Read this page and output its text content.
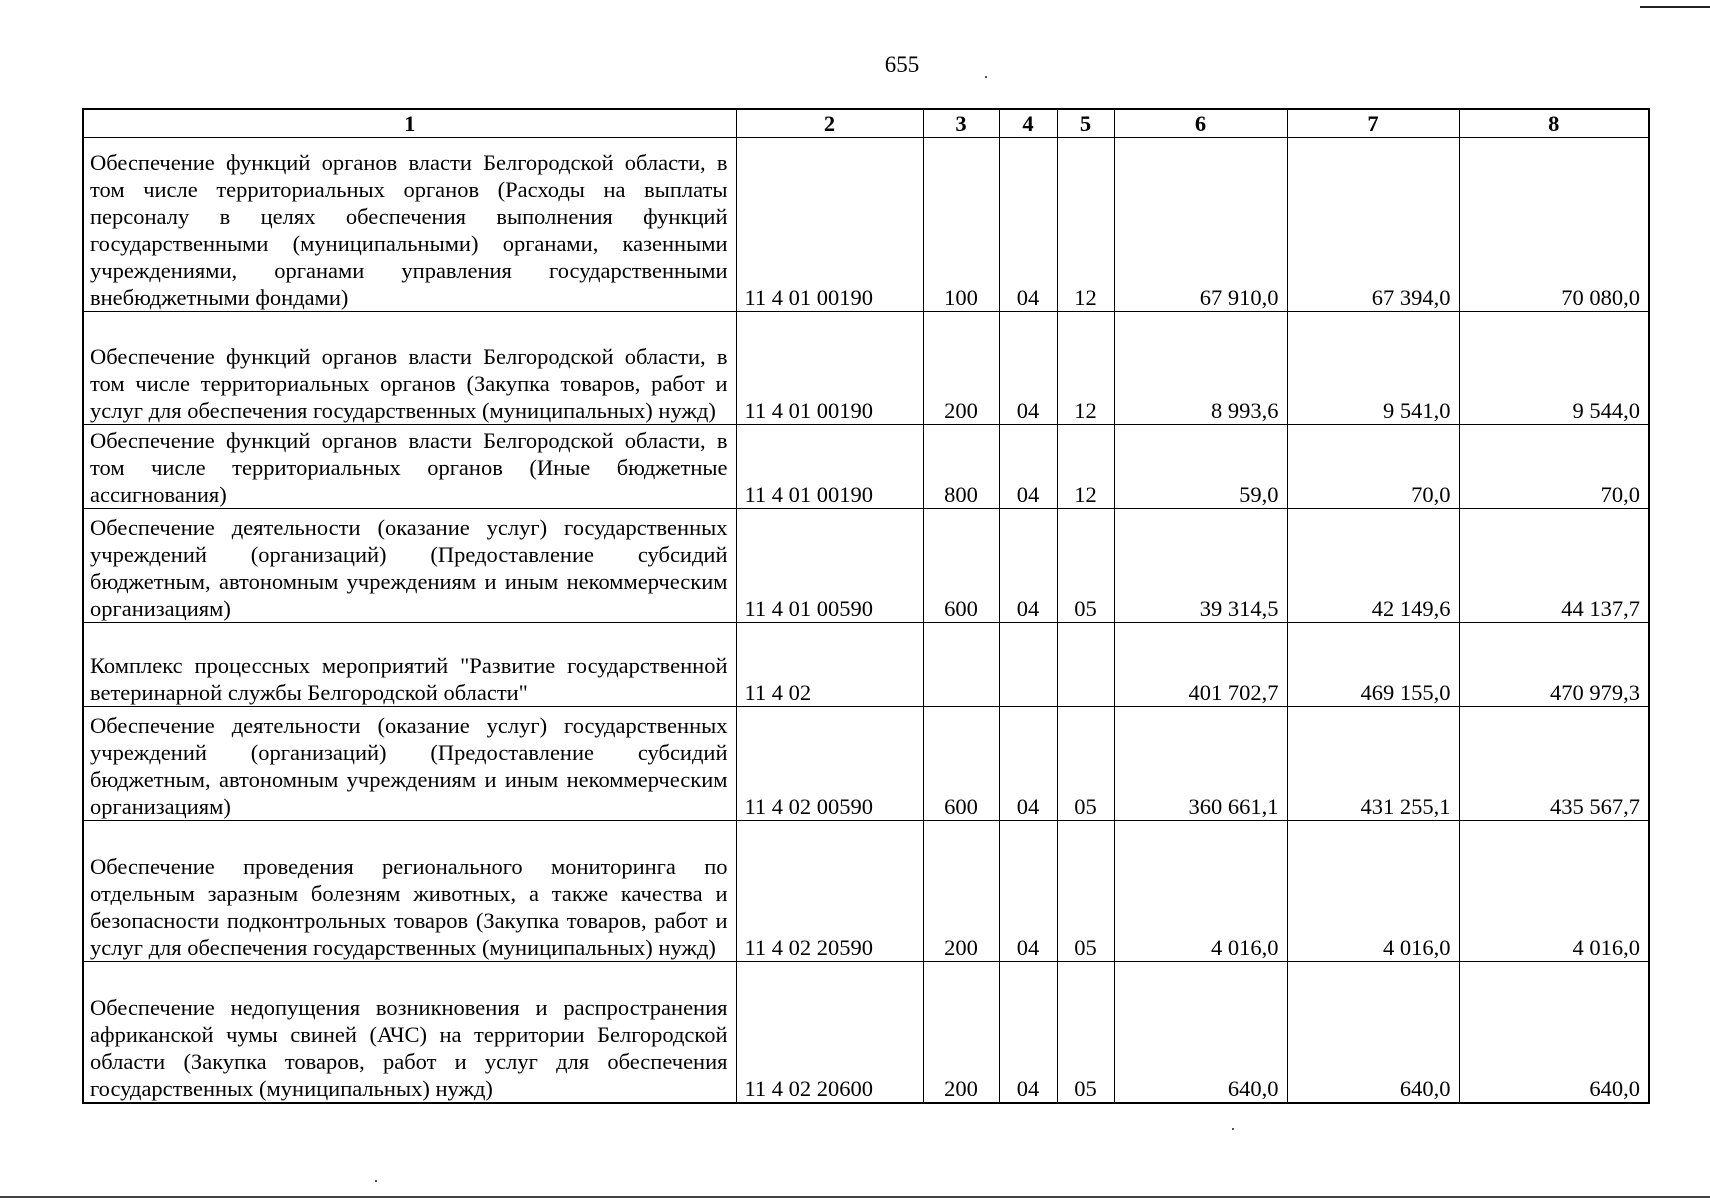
655
1	2	3	4	5	6	7	8
Обеспечение функций органов власти Белгородской области, в том числе территориальных органов (Расходы на выплаты персоналу в целях обеспечения выполнения функций государственными (муниципальными) органами, казенными учреждениями, органами управления государственными внебюджетными фондами)	11 4 01 00190	100	04	12	67 910,0	67 394,0	70 080,0
Обеспечение функций органов власти Белгородской области, в том числе территориальных органов (Закупка товаров, работ и услуг для обеспечения государственных (муниципальных) нужд)	11 4 01 00190	200	04	12	8 993,6	9 541,0	9 544,0
Обеспечение функций органов власти Белгородской области, в том числе территориальных органов (Иные бюджетные ассигнования)	11 4 01 00190	800	04	12	59,0	70,0	70,0
Обеспечение деятельности (оказание услуг) государственных учреждений (организаций) (Предоставление субсидий бюджетным, автономным учреждениям и иным некоммерческим организациям)	11 4 01 00590	600	04	05	39 314,5	42 149,6	44 137,7
Комплекс процессных мероприятий "Развитие государственной ветеринарной службы Белгородской области"	11 4 02				401 702,7	469 155,0	470 979,3
Обеспечение деятельности (оказание услуг) государственных учреждений (организаций) (Предоставление субсидий бюджетным, автономным учреждениям и иным некоммерческим организациям)	11 4 02 00590	600	04	05	360 661,1	431 255,1	435 567,7
Обеспечение проведения регионального мониторинга по отдельным заразным болезням животных, а также качества и безопасности подконтрольных товаров (Закупка товаров, работ и услуг для обеспечения государственных (муниципальных) нужд)	11 4 02 20590	200	04	05	4 016,0	4 016,0	4 016,0
Обеспечение недопущения возникновения и распространения африканской чумы свиней (АЧС) на территории Белгородской области (Закупка товаров, работ и услуг для обеспечения государственных (муниципальных) нужд)	11 4 02 20600	200	04	05	640,0	640,0	640,0
